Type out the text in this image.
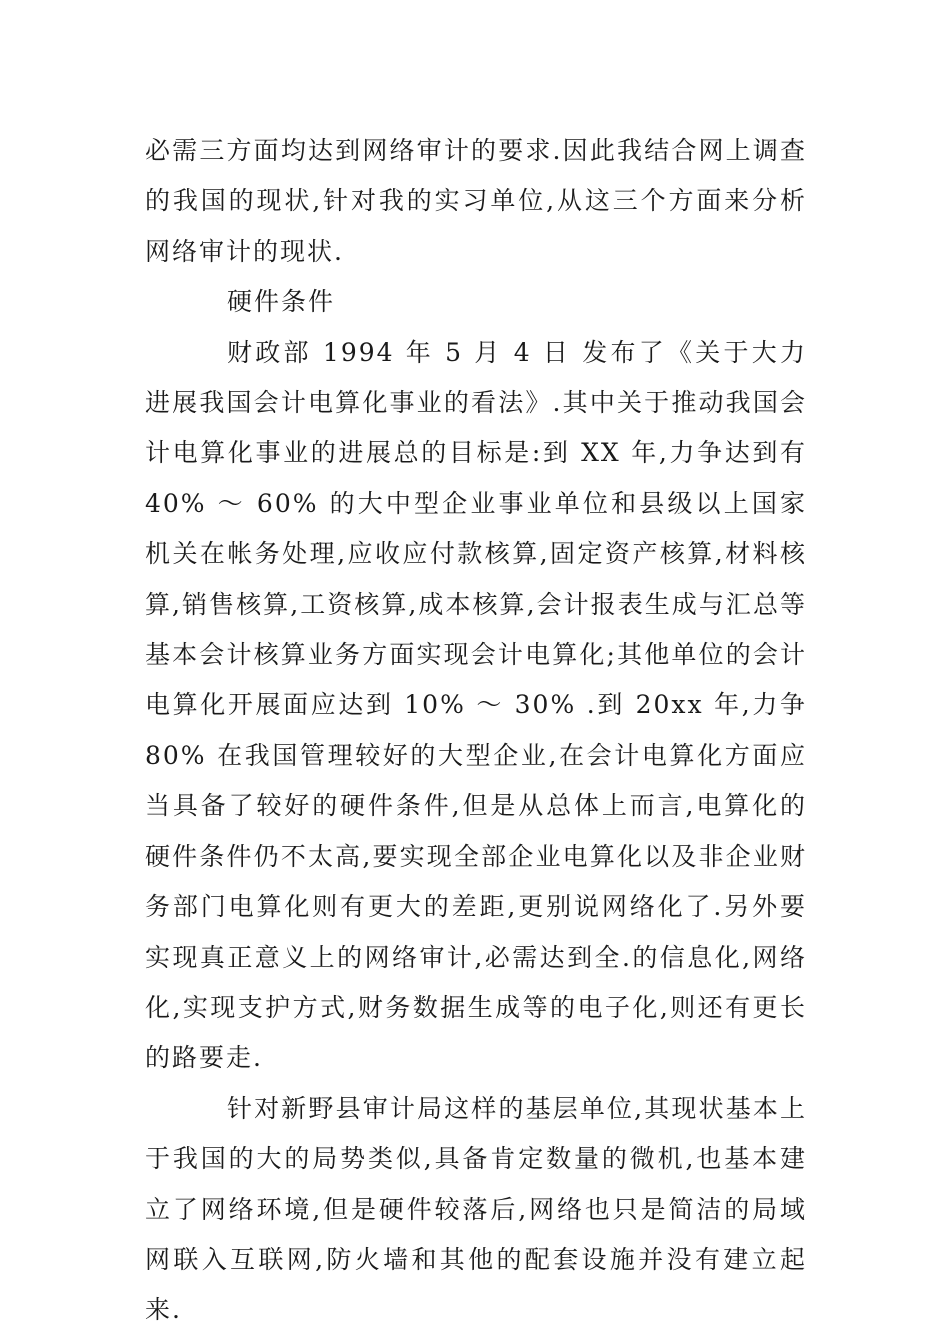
必需三方面均达到网络审计的要求.因此我结合网上调查的我国的现状,针对我的实习单位,从这三个方面来分析网络审计的现状.

硬件条件

财政部 1994 年 5 月 4 日 发布了《关于大力进展我国会计电算化事业的看法》.其中关于推动我国会计电算化事业的进展总的目标是:到 XX 年,力争达到有 40% ～ 60% 的大中型企业事业单位和县级以上国家机关在帐务处理,应收应付款核算,固定资产核算,材料核算,销售核算,工资核算,成本核算,会计报表生成与汇总等基本会计核算业务方面实现会计电算化;其他单位的会计电算化开展面应达到 10% ～ 30% .到 20xx 年,力争 80% 在我国管理较好的大型企业,在会计电算化方面应当具备了较好的硬件条件,但是从总体上而言,电算化的硬件条件仍不太高,要实现全部企业电算化以及非企业财务部门电算化则有更大的差距,更别说网络化了.另外要实现真正意义上的网络审计,必需达到全.的信息化,网络化,实现支护方式,财务数据生成等的电子化,则还有更长的路要走.

针对新野县审计局这样的基层单位,其现状基本上于我国的大的局势类似,具备肯定数量的微机,也基本建立了网络环境,但是硬件较落后,网络也只是简洁的局域网联入互联网,防火墙和其他的配套设施并没有建立起来.
